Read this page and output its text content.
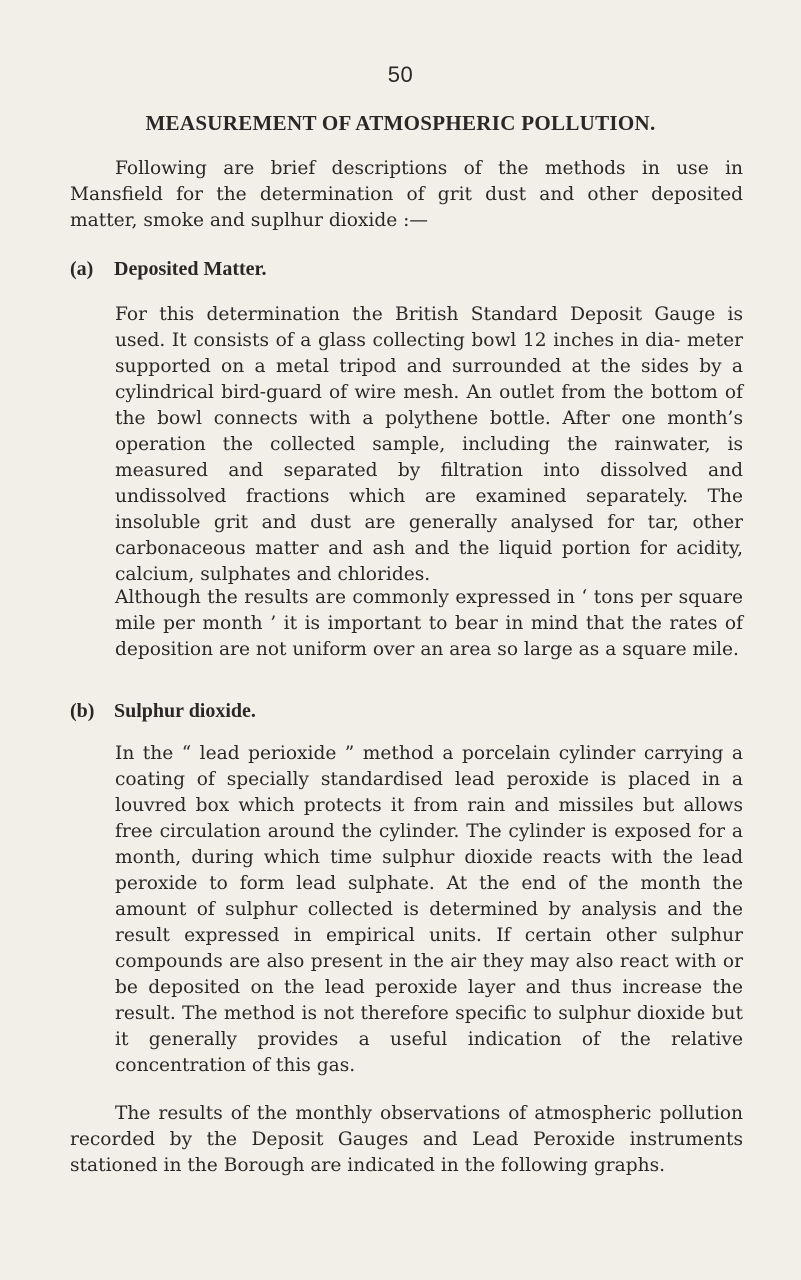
50
MEASUREMENT OF ATMOSPHERIC POLLUTION.

Following are brief descriptions of the methods in use in Mansfield for the determination of grit dust and other deposited matter, smoke and suplhur dioxide :—

(a) Deposited Matter.

For this determination the British Standard Deposit Gauge is used. It consists of a glass collecting bowl 12 inches in dia- meter supported on a metal tripod and surrounded at the sides by a cylindrical bird-guard of wire mesh. An outlet from the bottom of the bowl connects with a polythene bottle. After one month’s operation the collected sample, including the rainwater, is measured and separated by filtration into dissolved and undissolved fractions which are examined separately. The insoluble grit and dust are generally analysed for tar, other carbonaceous matter and ash and the liquid portion for acidity, calcium, sulphates and chlorides.

Although the results are commonly expressed in ‘ tons per square mile per month ’ it is important to bear in mind that the rates of deposition are not uniform over an area so large as a square mile.

(b) Sulphur dioxide.

In the “ lead perioxide ” method a porcelain cylinder carrying a coating of specially standardised lead peroxide is placed in a louvred box which protects it from rain and missiles but allows free circulation around the cylinder. The cylinder is exposed for a month, during which time sulphur dioxide reacts with the lead peroxide to form lead sulphate. At the end of the month the amount of sulphur collected is determined by analysis and the result expressed in empirical units. If certain other sulphur compounds are also present in the air they may also react with or be deposited on the lead peroxide layer and thus increase the result. The method is not therefore specific to sulphur dioxide but it generally provides a useful indication of the relative concentration of this gas.

The results of the monthly observations of atmospheric pollution recorded by the Deposit Gauges and Lead Peroxide instruments stationed in the Borough are indicated in the following graphs.
